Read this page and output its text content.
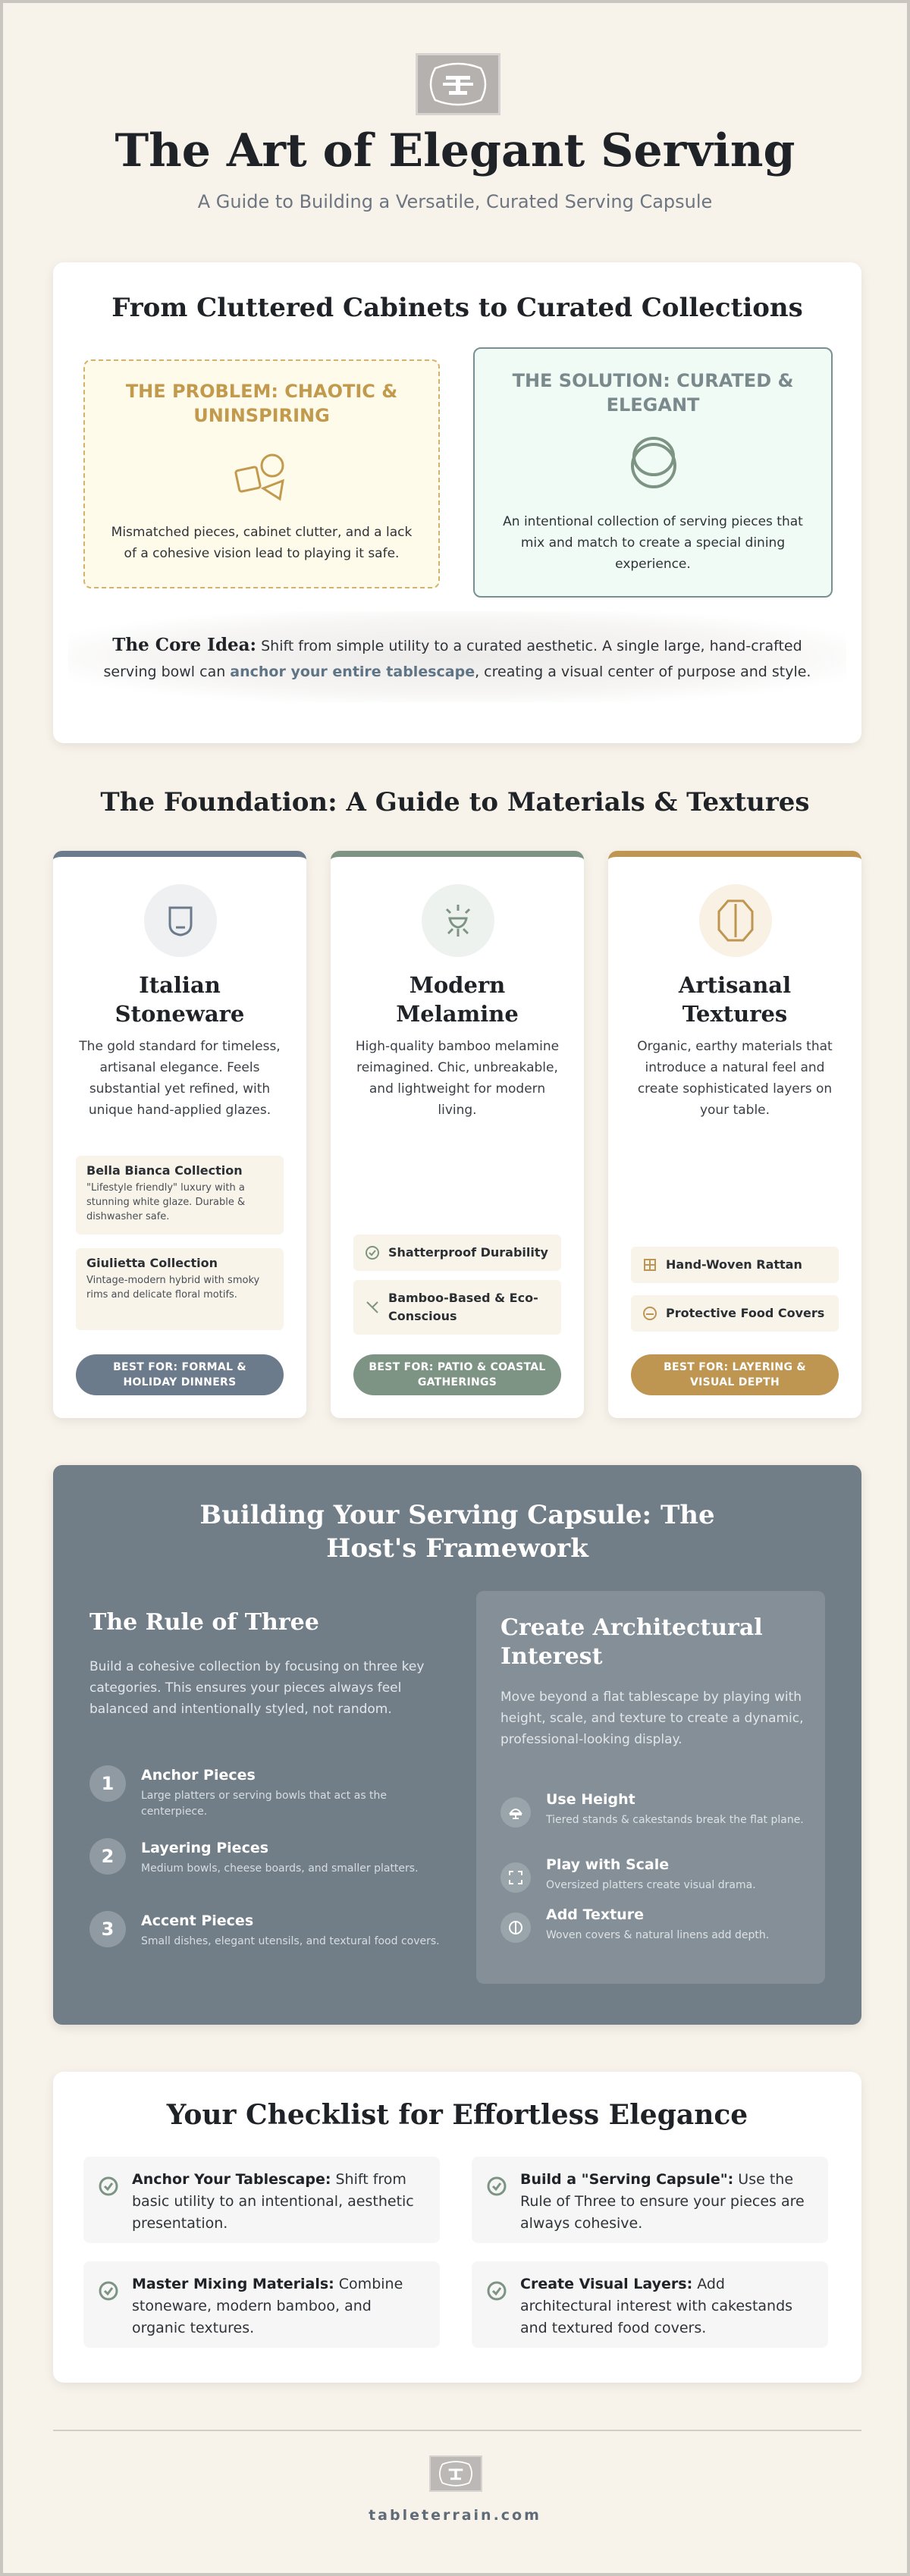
The Art of Elegant Serving
A Guide to Building a Versatile, Curated Serving Capsule
From Cluttered Cabinets to Curated Collections
THE PROBLEM: CHAOTIC & UNINSPIRING
Mismatched pieces, cabinet clutter, and a lack of a cohesive vision lead to playing it safe.
THE SOLUTION: CURATED & ELEGANT
An intentional collection of serving pieces that mix and match to create a special dining experience.
The Core Idea: Shift from simple utility to a curated aesthetic. A single large, hand-crafted serving bowl can anchor your entire tablescape, creating a visual center of purpose and style.
The Foundation: A Guide to Materials & Textures
Italian Stoneware
The gold standard for timeless, artisanal elegance. Feels substantial yet refined, with unique hand-applied glazes.
Bella Bianca Collection
"Lifestyle friendly" luxury with a stunning white glaze. Durable & dishwasher safe.
Giulietta Collection
Vintage-modern hybrid with smoky rims and delicate floral motifs.
BEST FOR: FORMAL & HOLIDAY DINNERS
Modern Melamine
High-quality bamboo melamine reimagined. Chic, unbreakable, and lightweight for modern living.
Shatterproof Durability
Bamboo-Based & Eco-Conscious
BEST FOR: PATIO & COASTAL GATHERINGS
Artisanal Textures
Organic, earthy materials that introduce a natural feel and create sophisticated layers on your table.
Hand-Woven Rattan
Protective Food Covers
BEST FOR: LAYERING & VISUAL DEPTH
Building Your Serving Capsule: The Host's Framework
The Rule of Three
Build a cohesive collection by focusing on three key categories. This ensures your pieces always feel balanced and intentionally styled, not random.
1	Anchor Pieces
Large platters or serving bowls that act as the centerpiece.
2	Layering Pieces
Medium bowls, cheese boards, and smaller platters.
3	Accent Pieces
Small dishes, elegant utensils, and textural food covers.
Create Architectural Interest
Move beyond a flat tablescape by playing with height, scale, and texture to create a dynamic, professional-looking display.
Use Height
Tiered stands & cakestands break the flat plane.
Play with Scale
Oversized platters create visual drama.
Add Texture
Woven covers & natural linens add depth.
Your Checklist for Effortless Elegance
Anchor Your Tablescape: Shift from basic utility to an intentional, aesthetic presentation.
Build a "Serving Capsule": Use the Rule of Three to ensure your pieces are always cohesive.
Master Mixing Materials: Combine stoneware, modern bamboo, and organic textures.
Create Visual Layers: Add architectural interest with cakestands and textured food covers.
tableterrain.com
